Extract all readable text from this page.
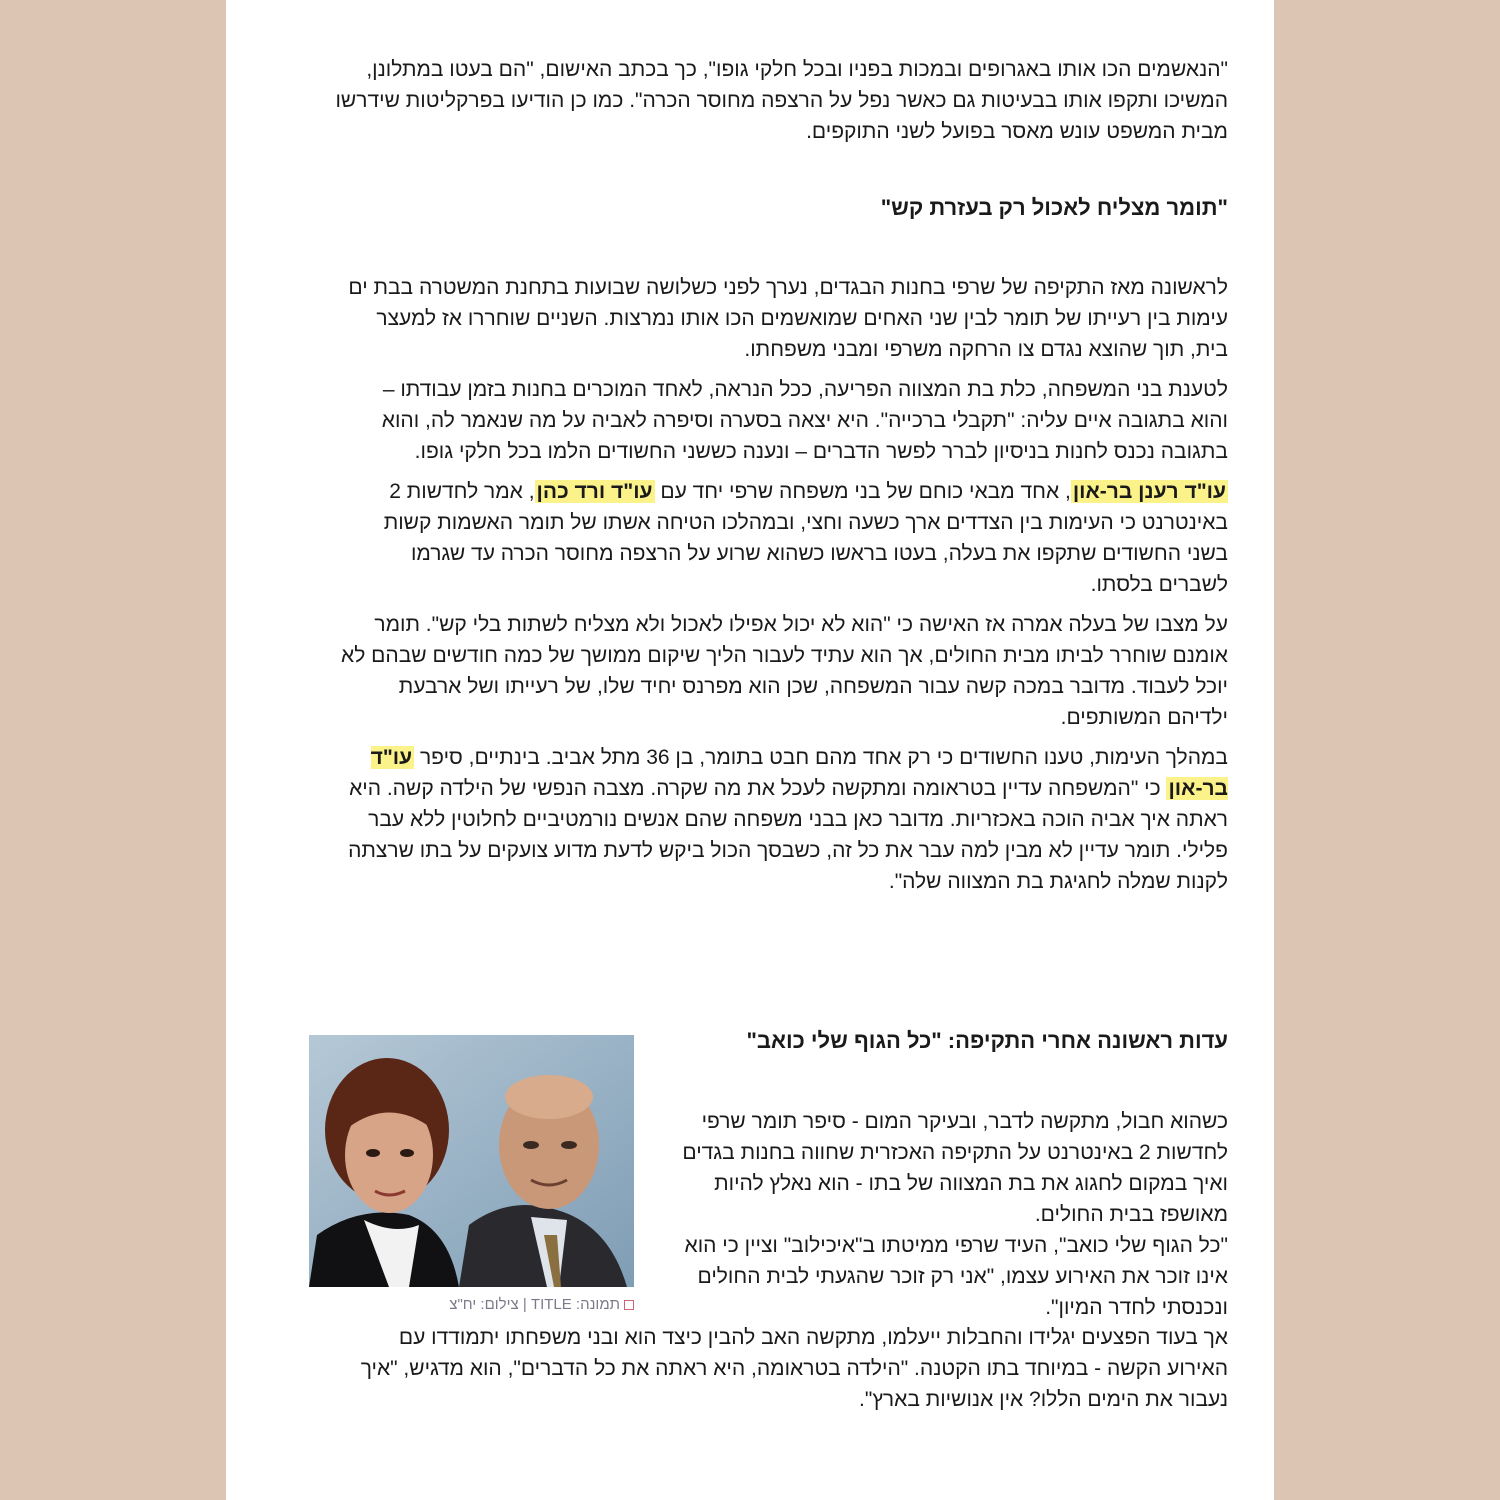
"הנאשמים הכו אותו באגרופים ובמכות בפניו ובכל חלקי גופו", כך בכתב האישום, "הם בעטו במתלונן, המשיכו ותקפו אותו בבעיטות גם כאשר נפל על הרצפה מחוסר הכרה". כמו כן הודיעו בפרקליטות שידרשו מבית המשפט עונש מאסר בפועל לשני התוקפים.
"תומר מצליח לאכול רק בעזרת קש"

לראשונה מאז התקיפה של שרפי בחנות הבגדים, נערך לפני כשלושה שבועות בתחנת המשטרה בבת ים עימות בין רעייתו של תומר לבין שני האחים שמואשמים הכו אותו נמרצות. השניים שוחררו אז למעצר בית, תוך שהוצא נגדם צו הרחקה משרפי ומבני משפחתו.

לטענת בני המשפחה, כלת בת המצווה הפריעה, ככל הנראה, לאחד המוכרים בחנות בזמן עבודתו – והוא בתגובה איים עליה: "תקבלי ברכייה". היא יצאה בסערה וסיפרה לאביה על מה שנאמר לה, והוא בתגובה נכנס לחנות בניסיון לברר לפשר הדברים – ונענה כששני החשודים הלמו בכל חלקי גופו.

עו"ד רענן בר-און, אחד מבאי כוחם של בני משפחה שרפי יחד עם עו"ד ורד כהן, אמר לחדשות 2 באינטרנט כי העימות בין הצדדים ארך כשעה וחצי, ובמהלכו הטיחה אשתו של תומר האשמות קשות בשני החשודים שתקפו את בעלה, בעטו בראשו כשהוא שרוע על הרצפה מחוסר הכרה עד שגרמו לשברים בלסתו.

על מצבו של בעלה אמרה אז האישה כי "הוא לא יכול אפילו לאכול ולא מצליח לשתות בלי קש". תומר אומנם שוחרר לביתו מבית החולים, אך הוא עתיד לעבור הליך שיקום ממושך של כמה חודשים שבהם לא יוכל לעבוד. מדובר במכה קשה עבור המשפחה, שכן הוא מפרנס יחיד שלו, של רעייתו ושל ארבעת ילדיהם המשותפים.

במהלך העימות, טענו החשודים כי רק אחד מהם חבט בתומר, בן 36 מתל אביב. בינתיים, סיפר עו"ד בר-און כי "המשפחה עדיין בטראומה ומתקשה לעכל את מה שקרה. מצבה הנפשי של הילדה קשה. היא ראתה איך אביה הוכה באכזריות. מדובר כאן בבני משפחה שהם אנשים נורמטיביים לחלוטין ללא עבר פלילי. תומר עדיין לא מבין למה עבר את כל זה, כשבסך הכול ביקש לדעת מדוע צועקים על בתו שרצתה לקנות שמלה לחגיגת בת המצווה שלה".

עדות ראשונה אחרי התקיפה: "כל הגוף שלי כואב"
תמונה: TITLE | צילום: יח"צ

כשהוא חבול, מתקשה לדבר, ובעיקר המום - סיפר תומר שרפי לחדשות 2 באינטרנט על התקיפה האכזרית שחווה בחנות בגדים ואיך במקום לחגוג את בת המצווה של בתו - הוא נאלץ להיות מאושפז בבית החולים.

"כל הגוף שלי כואב", העיד שרפי ממיטתו ב"איכילוב" וציין כי הוא אינו זוכר את האירוע עצמו, "אני רק זוכר שהגעתי לבית החולים ונכנסתי לחדר המיון".

אך בעוד הפצעים יגלידו והחבלות ייעלמו, מתקשה האב להבין כיצד הוא ובני משפחתו יתמודדו עם האירוע הקשה - במיוחד בתו הקטנה. "הילדה בטראומה, היא ראתה את כל הדברים", הוא מדגיש, "איך נעבור את הימים הללו? אין אנושיות בארץ".
